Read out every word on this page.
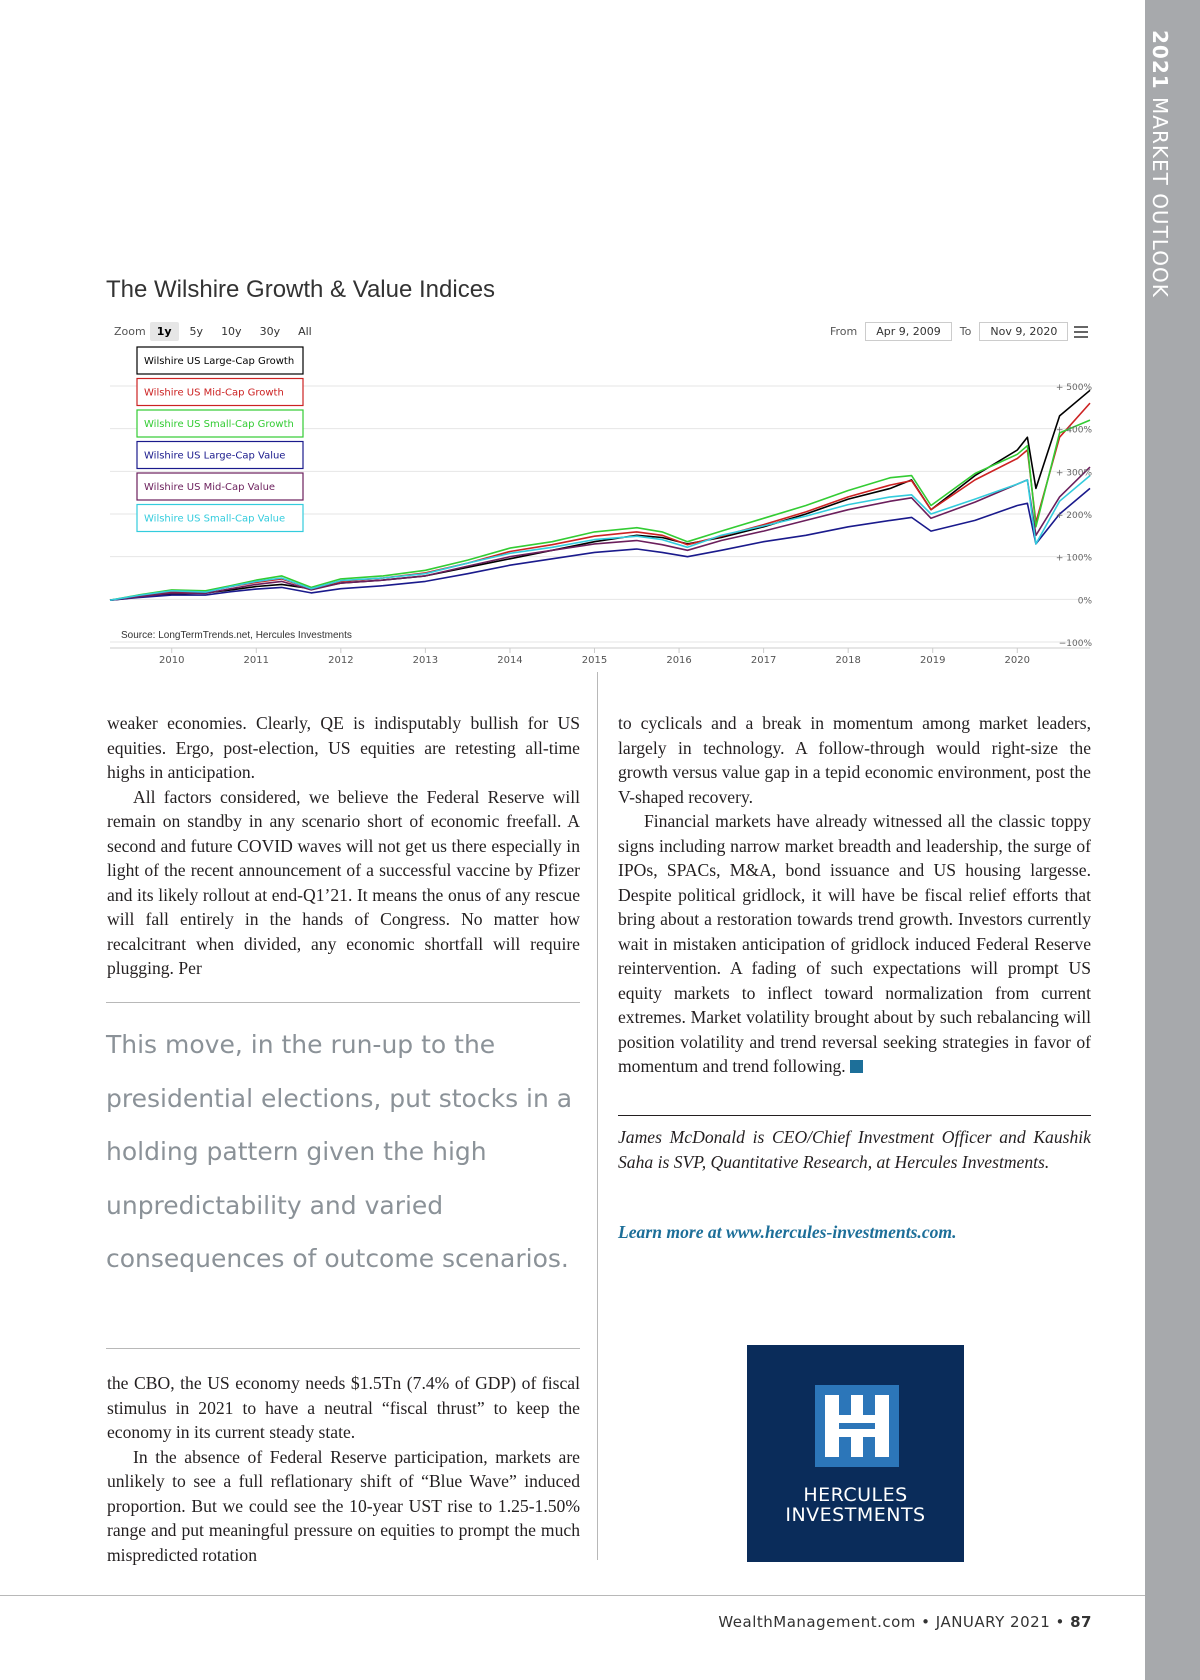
2021 MARKET OUTLOOK
The Wilshire Growth & Value Indices
Zoom	1y	5y	10y	30y	All	From	Apr 9, 2009	To	Nov 9, 2020
+ 500%
+ 400%
+ 300%
+ 200%
+ 100%
0%
−100%
2010	2011	2012	2013	2014	2015	2016	2017	2018	2019	2020
Wilshire US Large-Cap Growth
Wilshire US Mid-Cap Growth
Wilshire US Small-Cap Growth
Wilshire US Large-Cap Value
Wilshire US Mid-Cap Value
Wilshire US Small-Cap Value
Source: LongTermTrends.net, Hercules Investments

weaker economies. Clearly, QE is indisputably bullish for US equities. Ergo, post-election, US equities are retesting all-time highs in anticipation.

All factors considered, we believe the Federal Reserve will remain on standby in any scenario short of economic freefall. A second and future COVID waves will not get us there especially in light of the recent announcement of a successful vaccine by Pfizer and its likely rollout at end-Q1’21. It means the onus of any rescue will fall entirely in the hands of Congress. No matter how recalcitrant when divided, any economic shortfall will require plugging. Per

This move, in the run-up to the presidential elections, put stocks in a holding pattern given the high unpredictability and varied consequences of outcome scenarios.

the CBO, the US economy needs $1.5Tn (7.4% of GDP) of fiscal stimulus in 2021 to have a neutral “fiscal thrust” to keep the economy in its current steady state.

In the absence of Federal Reserve participation, markets are unlikely to see a full reflationary shift of “Blue Wave” induced proportion. But we could see the 10-year UST rise to 1.25-1.50% range and put meaningful pressure on equities to prompt the much mispredicted rotation

to cyclicals and a break in momentum among market leaders, largely in technology. A follow-through would right-size the growth versus value gap in a tepid economic environment, post the V-shaped recovery.

Financial markets have already witnessed all the classic toppy signs including narrow market breadth and leadership, the surge of IPOs, SPACs, M&A, bond issuance and US housing largesse. Despite political gridlock, it will have be fiscal relief efforts that bring about a restoration towards trend growth. Investors currently wait in mistaken anticipation of gridlock induced Federal Reserve reintervention. A fading of such expectations will prompt US equity markets to inflect toward normalization from current extremes. Market volatility brought about by such rebalancing will position volatility and trend reversal seeking strategies in favor of momentum and trend following.

James McDonald is CEO/Chief Investment Officer and Kaushik Saha is SVP, Quantitative Research, at Hercules Investments.
Learn more at www.hercules-investments.com.
HERCULES
INVESTMENTS
WealthManagement.com • JANUARY 2021 • 87
